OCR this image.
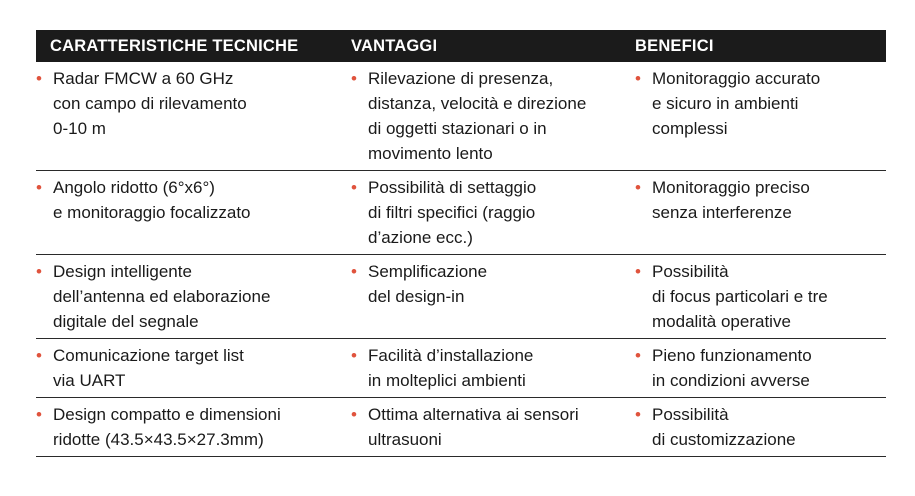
CARATTERISTICHE TECNICHE	VANTAGGI	BENEFICI
• Radar FMCW a 60 GHz
con campo di rilevamento
0-10 m
• Rilevazione di presenza,
distanza, velocità e direzione
di oggetti stazionari o in
movimento lento
• Monitoraggio accurato
e sicuro in ambienti
complessi
• Angolo ridotto (6°x6°)
e monitoraggio focalizzato
• Possibilità di settaggio
di filtri specifici (raggio
d’azione ecc.)
• Monitoraggio preciso
senza interferenze
• Design intelligente
dell’antenna ed elaborazione
digitale del segnale
• Semplificazione
del design-in
• Possibilità
di focus particolari e tre
modalità operative
• Comunicazione target list
via UART
• Facilità d’installazione
in molteplici ambienti
• Pieno funzionamento
in condizioni avverse
• Design compatto e dimensioni
ridotte (43.5×43.5×27.3mm)
• Ottima alternativa ai sensori
ultrasuoni
• Possibilità
di customizzazione
